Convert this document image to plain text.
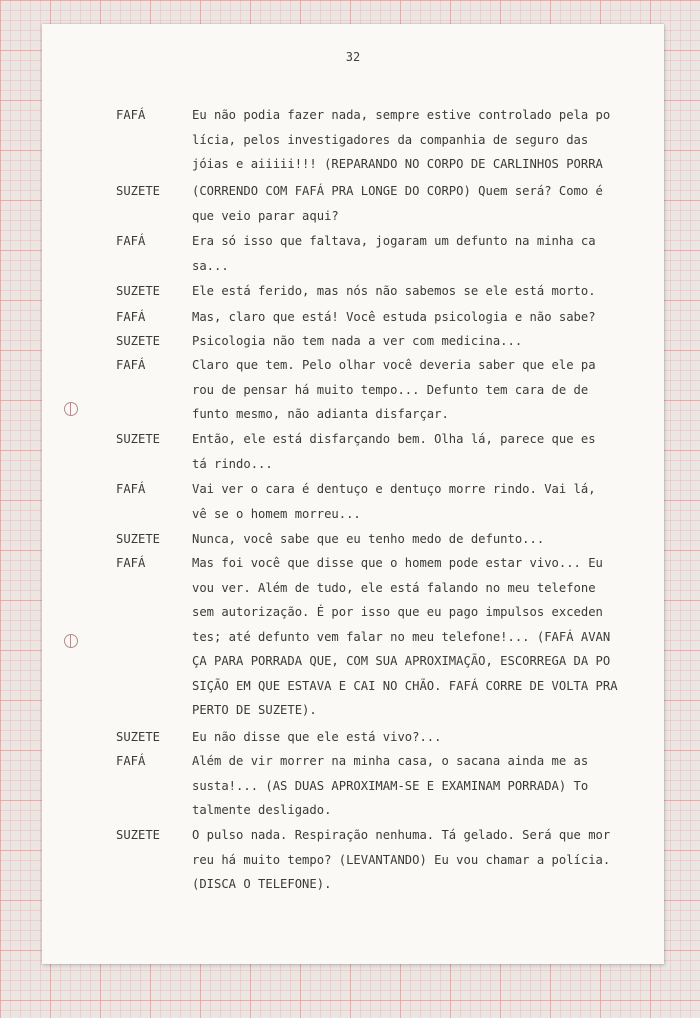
32
FAFÁ	Eu não podia fazer nada, sempre estive controlado pela po
lícia, pelos investigadores da companhia de seguro das
jóias e aiiiii!!! (REPARANDO NO CORPO DE CARLINHOS PORRA
SUZETE	(CORRENDO COM FAFÁ PRA LONGE DO CORPO) Quem será? Como é
que veio parar aqui?
FAFÁ	Era só isso que faltava, jogaram um defunto na minha ca
sa...
SUZETE	Ele está ferido, mas nós não sabemos se ele está morto.
FAFÁ	Mas, claro que está! Você estuda psicologia e não sabe?
SUZETE	Psicologia não tem nada a ver com medicina...
FAFÁ	Claro que tem. Pelo olhar você deveria saber que ele pa
rou de pensar há muito tempo... Defunto tem cara de de
funto mesmo, não adianta disfarçar.
SUZETE	Então, ele está disfarçando bem. Olha lá, parece que es
tá rindo...
FAFÁ	Vai ver o cara é dentuço e dentuço morre rindo. Vai lá,
vê se o homem morreu...
SUZETE	Nunca, você sabe que eu tenho medo de defunto...
FAFÁ	Mas foi você que disse que o homem pode estar vivo... Eu
vou ver. Além de tudo, ele está falando no meu telefone
sem autorização. É por isso que eu pago impulsos exceden
tes; até defunto vem falar no meu telefone!... (FAFÁ AVAN
ÇA PARA PORRADA QUE, COM SUA APROXIMAÇÃO, ESCORREGA DA PO
SIÇÃO EM QUE ESTAVA E CAI NO CHÃO. FAFÁ CORRE DE VOLTA PRA
PERTO DE SUZETE).
SUZETE	Eu não disse que ele está vivo?...
FAFÁ	Além de vir morrer na minha casa, o sacana ainda me as
susta!... (AS DUAS APROXIMAM-SE E EXAMINAM PORRADA) To
talmente desligado.
SUZETE	O pulso nada. Respiração nenhuma. Tá gelado. Será que mor
reu há muito tempo? (LEVANTANDO) Eu vou chamar a polícia.
(DISCA O TELEFONE).
